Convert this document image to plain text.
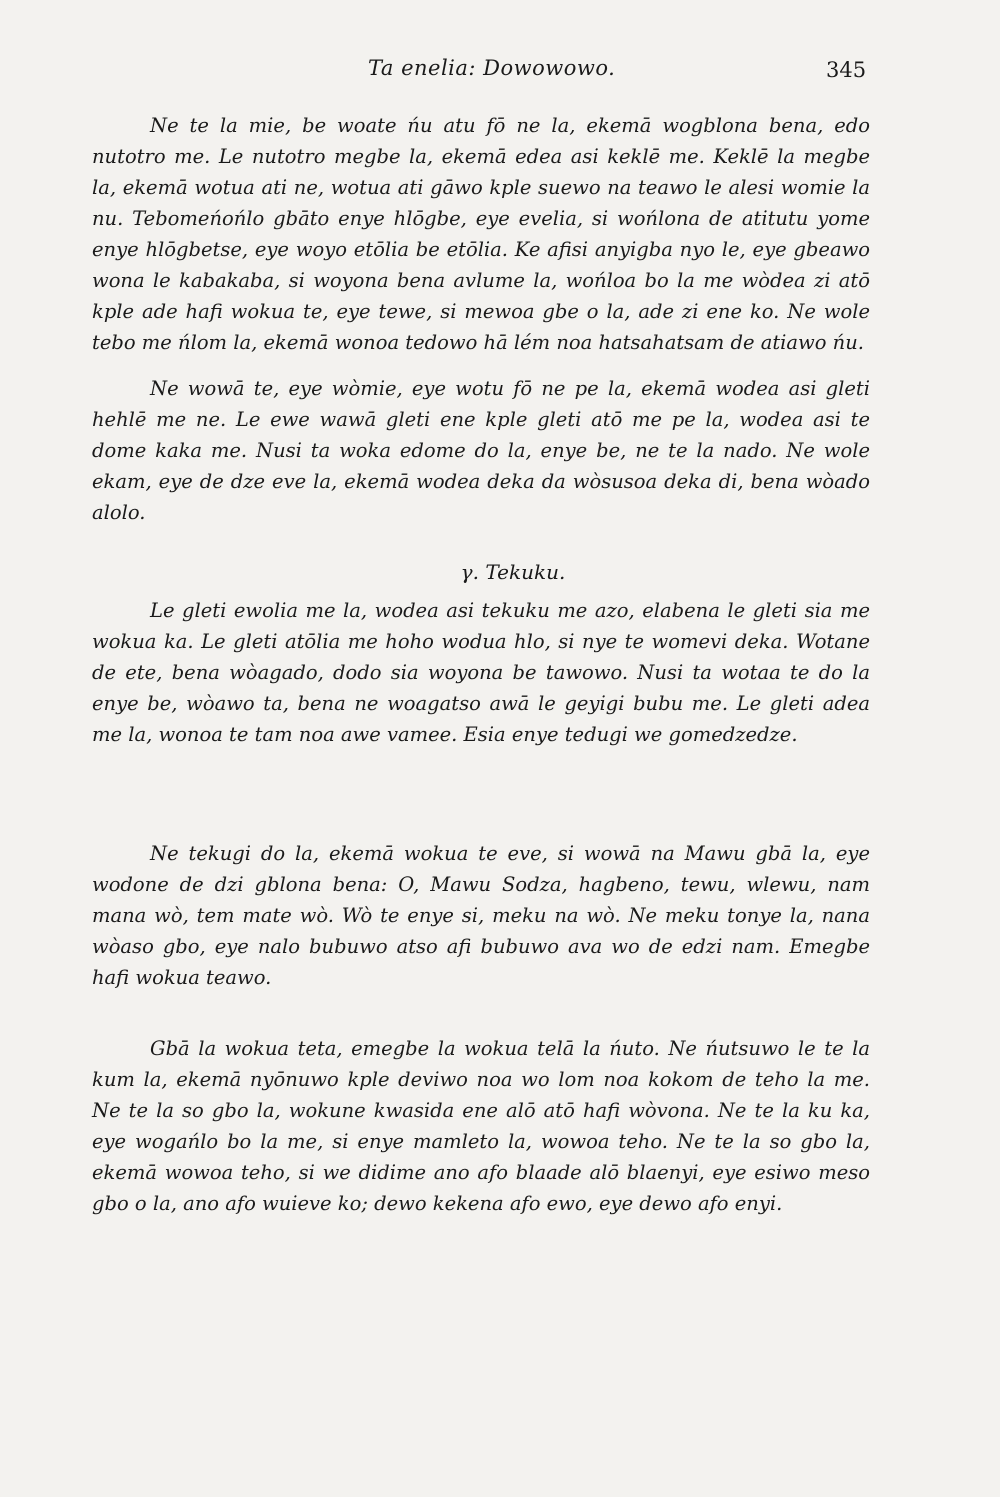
Ta enelia: Dowowowo.	345

Ne te la mie, be woate ńu atu fō ne la, ekemā wogblona bena, edo nutotro me. Le nutotro megbe la, ekemā edea asi keklē me. Keklē la megbe la, ekemā wotua ati ne, wotua ati gāwo kple suewo na teawo le alesi womie la nu. Tebomeńońlo gbāto enye hlōgbe, eye evelia, si wońlona de atitutu yome enye hlōgbetse, eye woyo etōlia be etōlia. Ke afisi anyigba nyo le, eye gbeawo wona le kabakaba, si woyona bena avlume la, wońloa bo la me wòdea zi atō kple ade hafi wokua te, eye tewe, si mewoa gbe o la, ade zi ene ko. Ne wole tebo me ńlom la, ekemā wonoa tedowo hā lém noa hatsahatsam de atiawo ńu.

Ne wowā te, eye wòmie, eye wotu fō ne pe la, ekemā wodea asi gleti hehlē me ne. Le ewe wawā gleti ene kple gleti atō me pe la, wodea asi te dome kaka me. Nusi ta woka edome do la, enye be, ne te la nado. Ne wole ekam, eye de dze eve la, ekemā wodea deka da wòsusoa deka di, bena wòado alolo.

γ. Tekuku.

Le gleti ewolia me la, wodea asi tekuku me azo, elabena le gleti sia me wokua ka. Le gleti atōlia me hoho wodua hlo, si nye te womevi deka. Wotane de ete, bena wòagado, dodo sia woyona be tawowo. Nusi ta wotaa te do la enye be, wòawo ta, bena ne woagatso awā le geyigi bubu me. Le gleti adea me la, wonoa te tam noa awe vamee. Esia enye tedugi we gomedzedze.

Ne tekugi do la, ekemā wokua te eve, si wowā na Mawu gbā la, eye wodone de dzi gblona bena: O, Mawu Sodza, hagbeno, tewu, wlewu, nam mana wò, tem mate wò. Wò te enye si, meku na wò. Ne meku tonye la, nana wòaso gbo, eye nalo bubuwo atso afi bubuwo ava wo de edzi nam. Emegbe hafi wokua teawo.

Gbā la wokua teta, emegbe la wokua telā la ńuto. Ne ńutsuwo le te la kum la, ekemā nyōnuwo kple deviwo noa wo lom noa kokom de teho la me. Ne te la so gbo la, wokune kwasida ene alō atō hafi wòvona. Ne te la ku ka, eye wogańlo bo la me, si enye mamleto la, wowoa teho. Ne te la so gbo la, ekemā wowoa teho, si we didime ano afo blaade alō blaenyi, eye esiwo meso gbo o la, ano afo wuieve ko; dewo kekena afo ewo, eye dewo afo enyi.
